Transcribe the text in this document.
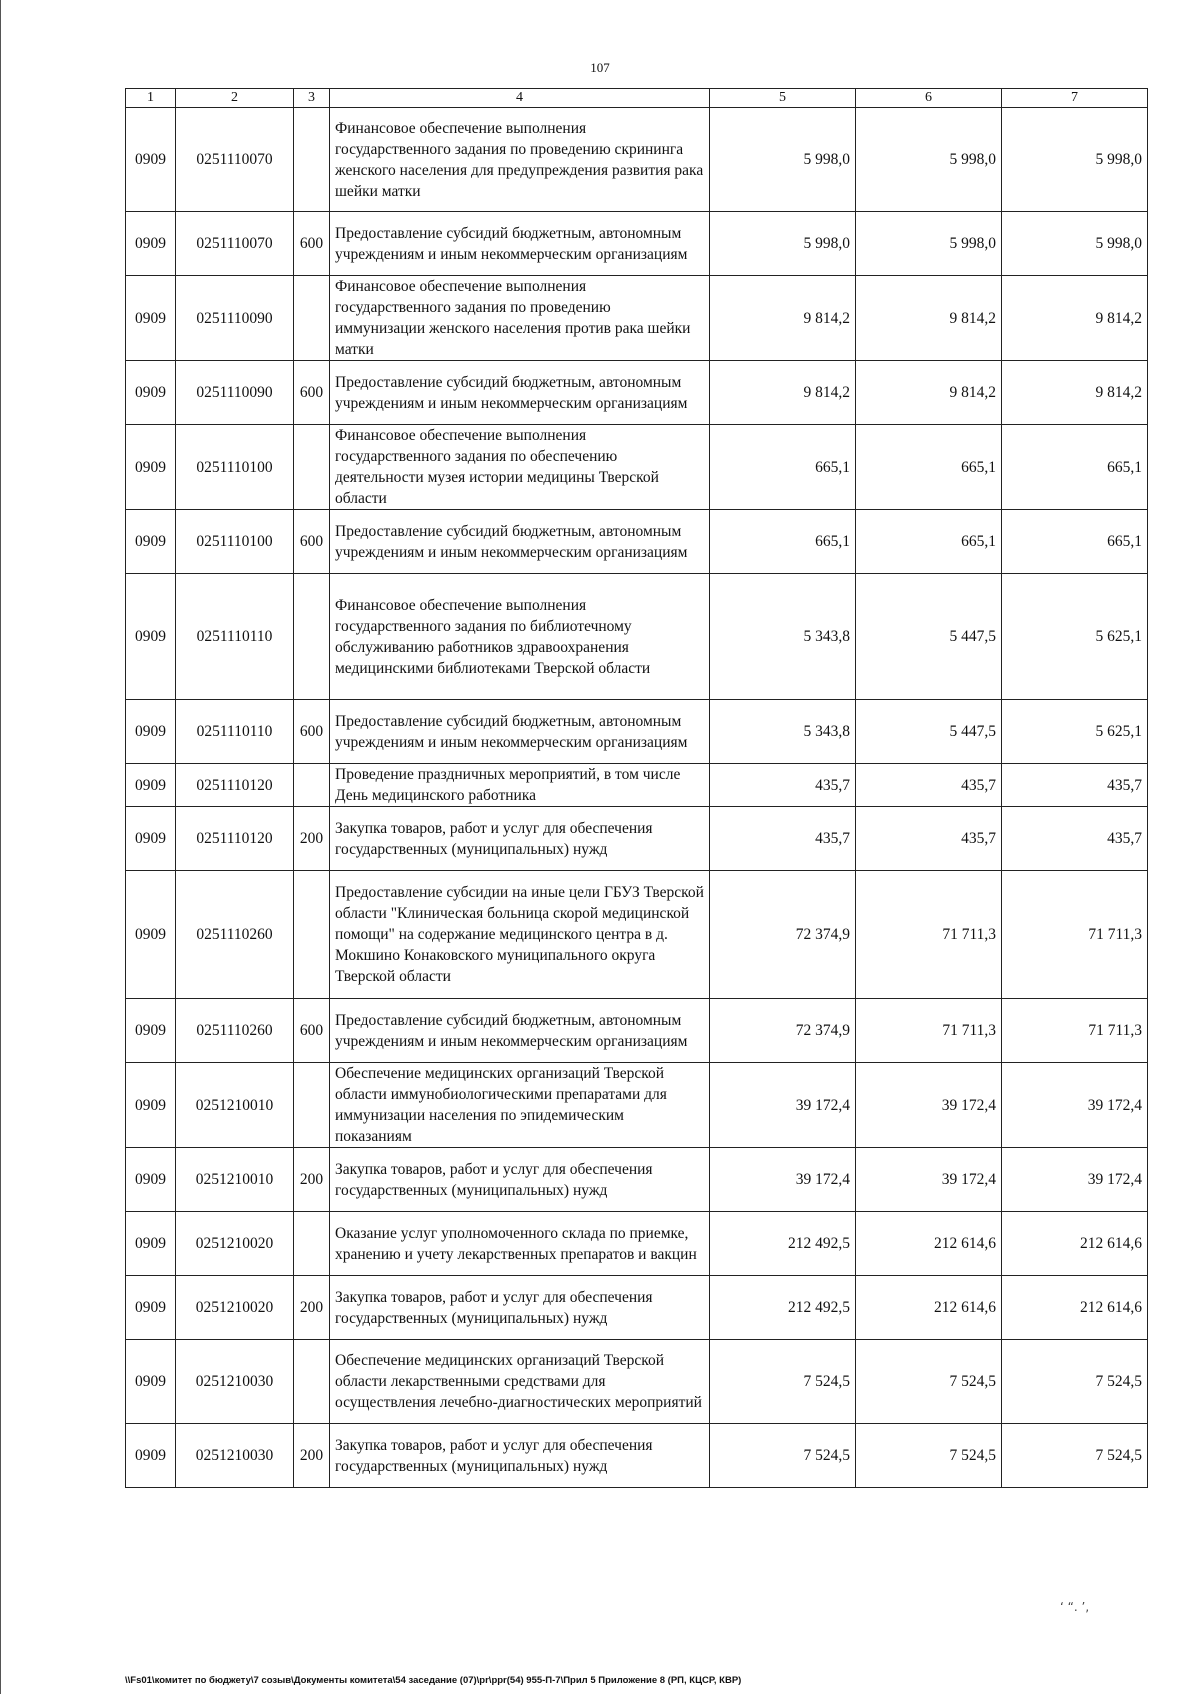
107
1	2	3	4	5	6	7
0909	0251110070		Финансовое обеспечение выполнения государственного задания по проведению скрининга женского населения для предупреждения развития рака шейки матки	5 998,0	5 998,0	5 998,0
0909	0251110070	600	Предоставление субсидий бюджетным, автономным учреждениям и иным некоммерческим организациям	5 998,0	5 998,0	5 998,0
0909	0251110090		Финансовое обеспечение выполнения государственного задания по проведению иммунизации женского населения против рака шейки матки	9 814,2	9 814,2	9 814,2
0909	0251110090	600	Предоставление субсидий бюджетным, автономным учреждениям и иным некоммерческим организациям	9 814,2	9 814,2	9 814,2
0909	0251110100		Финансовое обеспечение выполнения государственного задания по обеспечению деятельности музея истории медицины Тверской области	665,1	665,1	665,1
0909	0251110100	600	Предоставление субсидий бюджетным, автономным учреждениям и иным некоммерческим организациям	665,1	665,1	665,1
0909	0251110110		Финансовое обеспечение выполнения государственного задания по библиотечному обслуживанию работников здравоохранения медицинскими библиотеками Тверской области	5 343,8	5 447,5	5 625,1
0909	0251110110	600	Предоставление субсидий бюджетным, автономным учреждениям и иным некоммерческим организациям	5 343,8	5 447,5	5 625,1
0909	0251110120		Проведение праздничных мероприятий, в том числе День медицинского работника	435,7	435,7	435,7
0909	0251110120	200	Закупка товаров, работ и услуг для обеспечения государственных (муниципальных) нужд	435,7	435,7	435,7
0909	0251110260		Предоставление субсидии на иные цели ГБУЗ Тверской области "Клиническая больница скорой медицинской помощи" на содержание медицинского центра в д. Мокшино Конаковского муниципального округа Тверской области	72 374,9	71 711,3	71 711,3
0909	0251110260	600	Предоставление субсидий бюджетным, автономным учреждениям и иным некоммерческим организациям	72 374,9	71 711,3	71 711,3
0909	0251210010		Обеспечение медицинских организаций Тверской области иммунобиологическими препаратами для иммунизации населения по эпидемическим показаниям	39 172,4	39 172,4	39 172,4
0909	0251210010	200	Закупка товаров, работ и услуг для обеспечения государственных (муниципальных) нужд	39 172,4	39 172,4	39 172,4
0909	0251210020		Оказание услуг уполномоченного склада по приемке, хранению и учету лекарственных препаратов и вакцин	212 492,5	212 614,6	212 614,6
0909	0251210020	200	Закупка товаров, работ и услуг для обеспечения государственных (муниципальных) нужд	212 492,5	212 614,6	212 614,6
0909	0251210030		Обеспечение медицинских организаций Тверской области лекарственными средствами для осуществления лечебно-диагностических мероприятий	7 524,5	7 524,5	7 524,5
0909	0251210030	200	Закупка товаров, работ и услуг для обеспечения государственных (муниципальных) нужд	7 524,5	7 524,5	7 524,5
‘ “. ’‚
\\Fs01\комитет по бюджету\7 созыв\Документы комитета\54 заседание (07)\pr\ppr(54) 955-П-7\Прил 5 Приложение 8 (РП, КЦСР, КВР)
